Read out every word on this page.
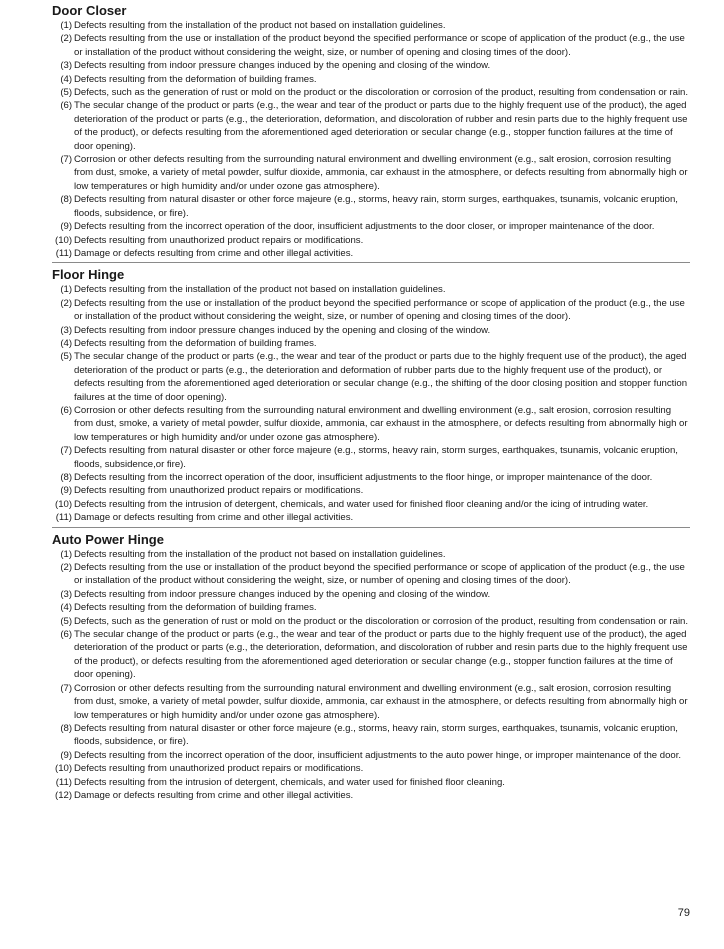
Door Closer
(1) Defects resulting from the installation of the product not based on installation guidelines.
(2) Defects resulting from the use or installation of the product beyond the specified performance or scope of application of the product (e.g., the use or installation of the product without considering the weight, size, or number of opening and closing times of the door).
(3) Defects resulting from indoor pressure changes induced by the opening and closing of the window.
(4) Defects resulting from the deformation of building frames.
(5) Defects, such as the generation of rust or mold on the product or the discoloration or corrosion of the product, resulting from condensation or rain.
(6) The secular change of the product or parts (e.g., the wear and tear of the product or parts due to the highly frequent use of the product), the aged deterioration of the product or parts (e.g., the deterioration, deformation, and discoloration of rubber and resin parts due to the highly frequent use of the product), or defects resulting from the aforementioned aged deterioration or secular change (e.g., stopper function failures at the time of door opening).
(7) Corrosion or other defects resulting from the surrounding natural environment and dwelling environment (e.g., salt erosion, corrosion resulting from dust, smoke, a variety of metal powder, sulfur dioxide, ammonia, car exhaust in the atmosphere, or defects resulting from abnormally high or low temperatures or high humidity and/or under ozone gas atmosphere).
(8) Defects resulting from natural disaster or other force majeure (e.g., storms, heavy rain, storm surges, earthquakes, tsunamis, volcanic eruption, floods, subsidence, or fire).
(9) Defects resulting from the incorrect operation of the door, insufficient adjustments to the door closer, or improper maintenance of the door.
(10) Defects resulting from unauthorized product repairs or modifications.
(11) Damage or defects resulting from crime and other illegal activities.
Floor Hinge
(1) Defects resulting from the installation of the product not based on installation guidelines.
(2) Defects resulting from the use or installation of the product beyond the specified performance or scope of application of the product (e.g., the use or installation of the product without considering the weight, size, or number of opening and closing times of the door).
(3) Defects resulting from indoor pressure changes induced by the opening and closing of the window.
(4) Defects resulting from the deformation of building frames.
(5) The secular change of the product or parts (e.g., the wear and tear of the product or parts due to the highly frequent use of the product), the aged deterioration of the product or parts (e.g., the deterioration and deformation of rubber parts due to the highly frequent use of the product), or defects resulting from the aforementioned aged deterioration or secular change (e.g., the shifting of the door closing position and stopper function failures at the time of door opening).
(6) Corrosion or other defects resulting from the surrounding natural environment and dwelling environment (e.g., salt erosion, corrosion resulting from dust, smoke, a variety of metal powder, sulfur dioxide, ammonia, car exhaust in the atmosphere, or defects resulting from abnormally high or low temperatures or high humidity and/or under ozone gas atmosphere).
(7) Defects resulting from natural disaster or other force majeure (e.g., storms, heavy rain, storm surges, earthquakes, tsunamis, volcanic eruption, floods, subsidence,or fire).
(8) Defects resulting from the incorrect operation of the door, insufficient adjustments to the floor hinge, or improper maintenance of the door.
(9) Defects resulting from unauthorized product repairs or modifications.
(10) Defects resulting from the intrusion of detergent, chemicals, and water used for finished floor cleaning and/or the icing of intruding water.
(11) Damage or defects resulting from crime and other illegal activities.
Auto Power Hinge
(1) Defects resulting from the installation of the product not based on installation guidelines.
(2) Defects resulting from the use or installation of the product beyond the specified performance or scope of application of the product (e.g., the use or installation of the product without considering the weight, size, or number of opening and closing times of the door).
(3) Defects resulting from indoor pressure changes induced by the opening and closing of the window.
(4) Defects resulting from the deformation of building frames.
(5) Defects, such as the generation of rust or mold on the product or the discoloration or corrosion of the product, resulting from condensation or rain.
(6) The secular change of the product or parts (e.g., the wear and tear of the product or parts due to the highly frequent use of the product), the aged deterioration of the product or parts (e.g., the deterioration, deformation, and discoloration of rubber and resin parts due to the highly frequent use of the product), or defects resulting from the aforementioned aged deterioration or secular change (e.g., stopper function failures at the time of door opening).
(7) Corrosion or other defects resulting from the surrounding natural environment and dwelling environment (e.g., salt erosion, corrosion resulting from dust, smoke, a variety of metal powder, sulfur dioxide, ammonia, car exhaust in the atmosphere, or defects resulting from abnormally high or low temperatures or high humidity and/or under ozone gas atmosphere).
(8) Defects resulting from natural disaster or other force majeure (e.g., storms, heavy rain, storm surges, earthquakes, tsunamis, volcanic eruption, floods, subsidence, or fire).
(9) Defects resulting from the incorrect operation of the door, insufficient adjustments to the auto power hinge, or improper maintenance of the door.
(10) Defects resulting from unauthorized product repairs or modifications.
(11) Defects resulting from the intrusion of detergent, chemicals, and water used for finished floor cleaning.
(12) Damage or defects resulting from crime and other illegal activities.
79
